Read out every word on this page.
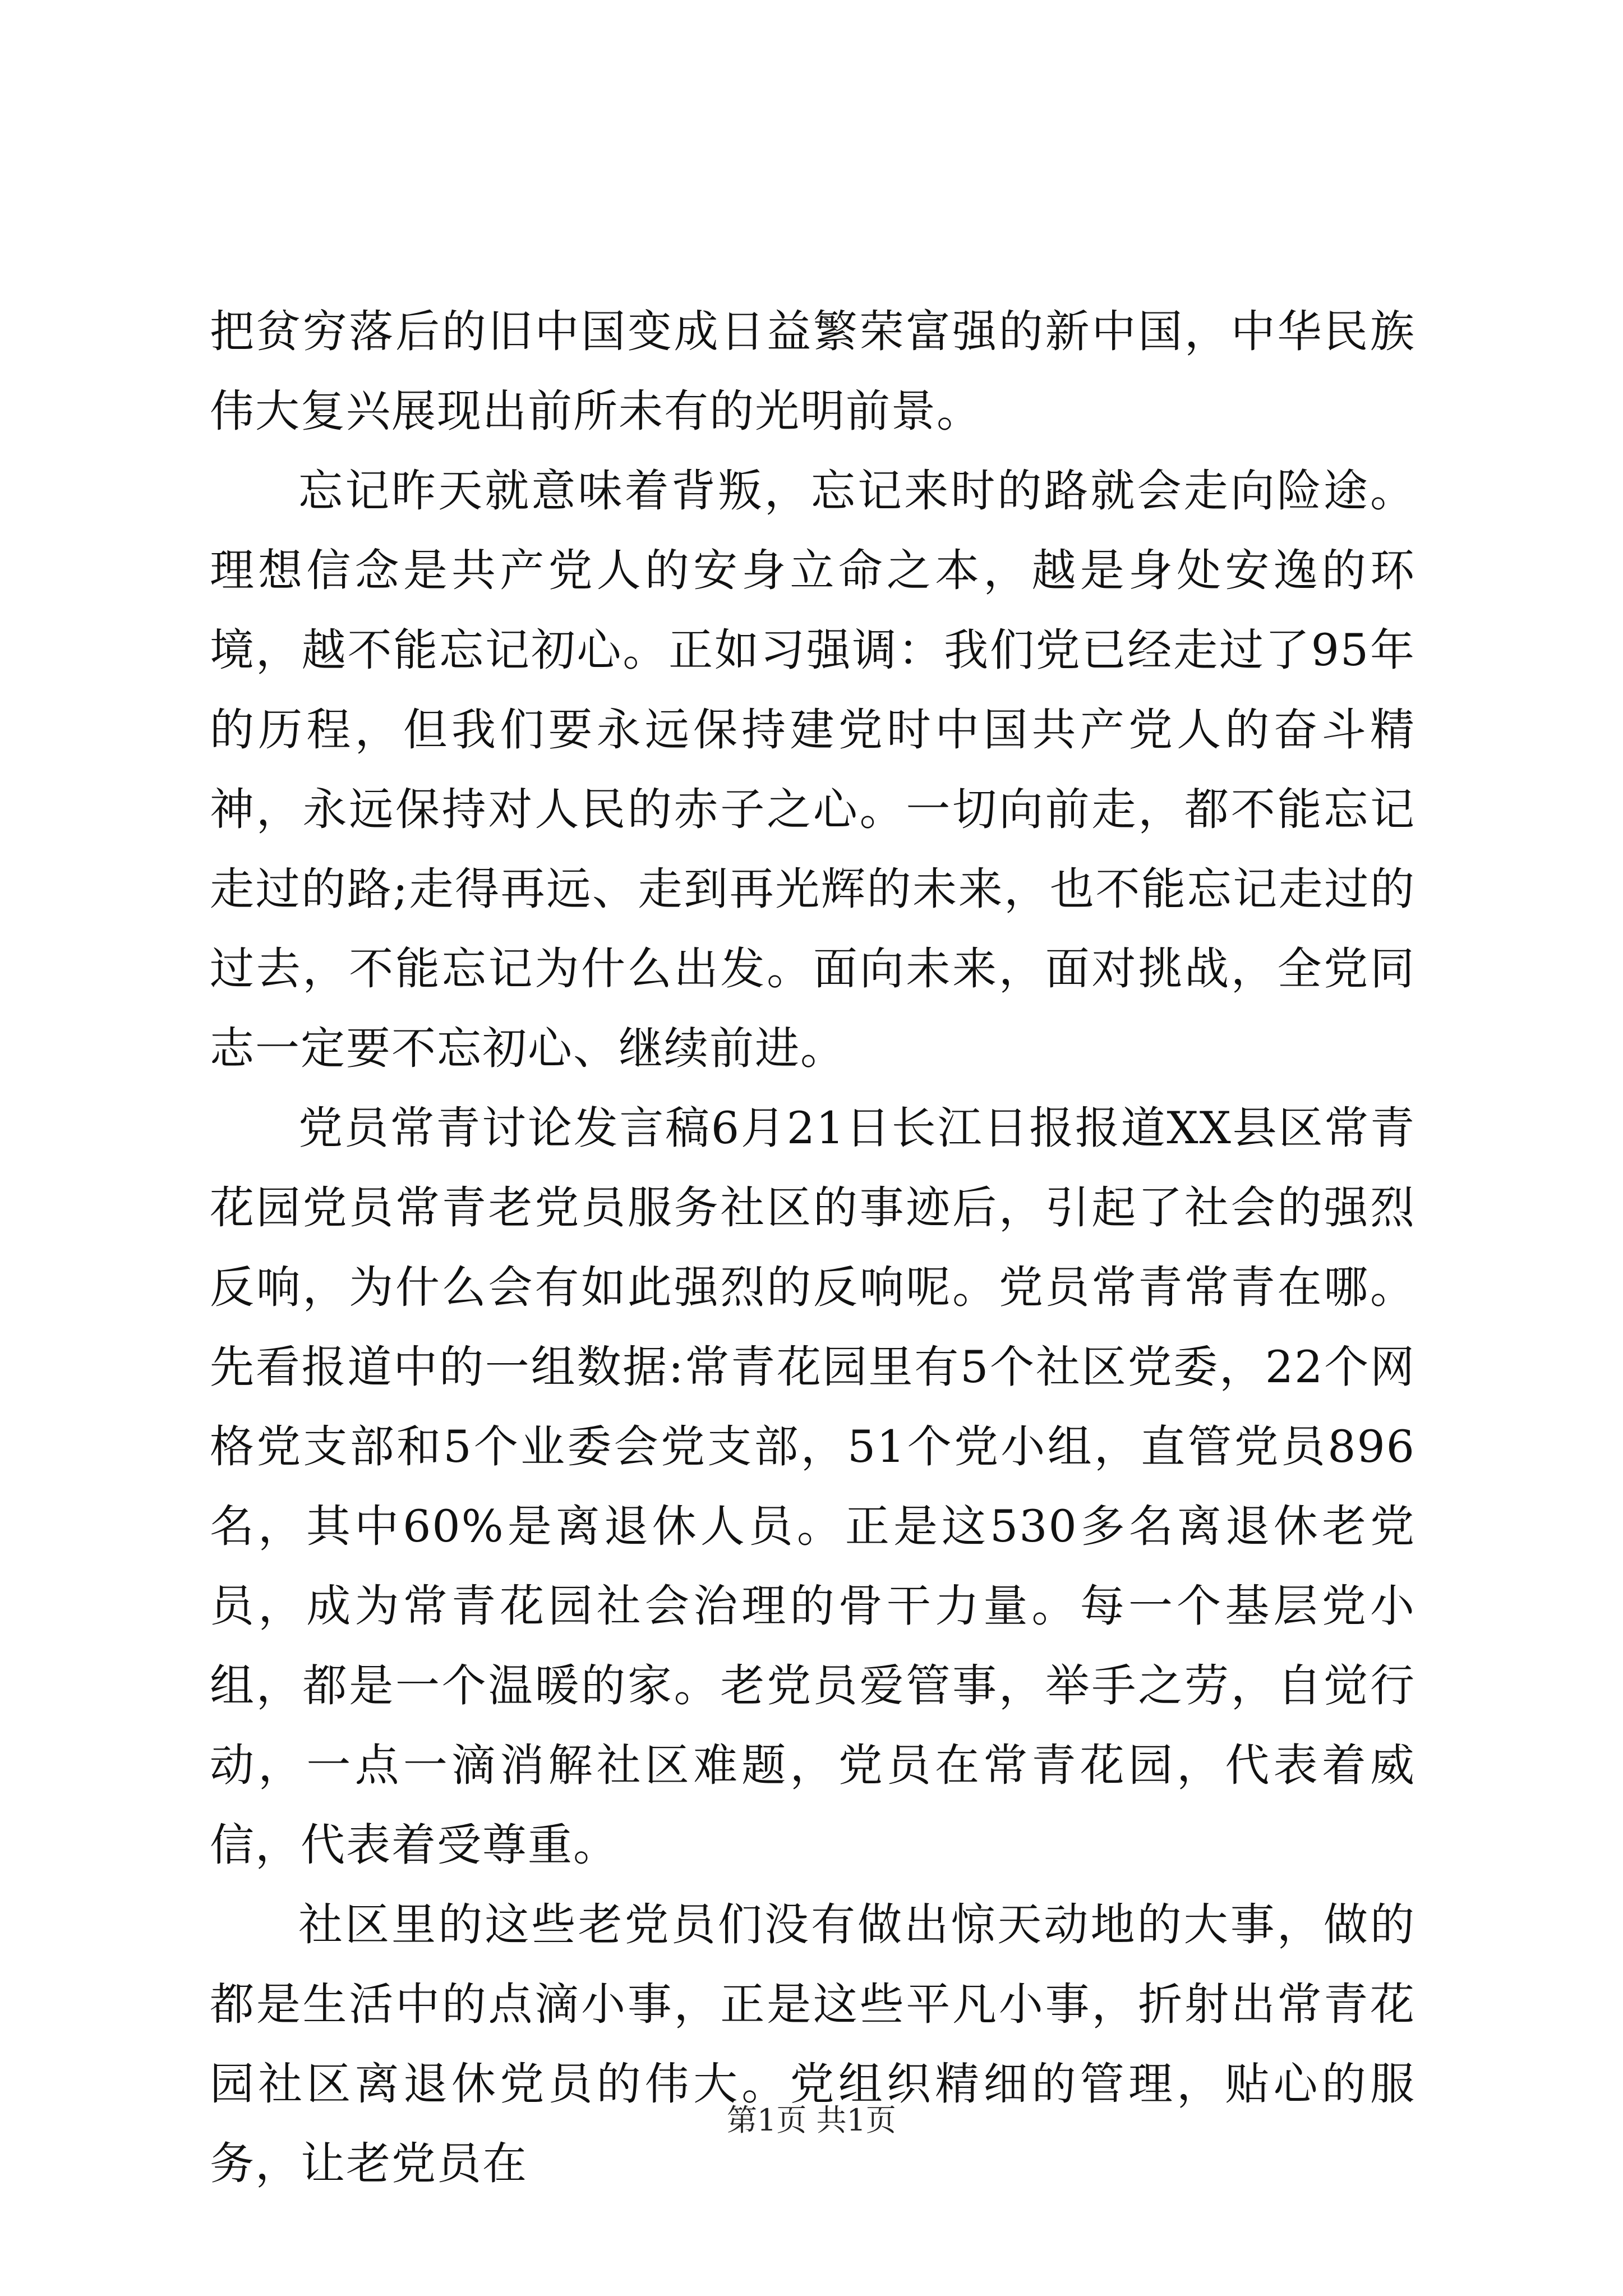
把贫穷落后的旧中国变成日益繁荣富强的新中国，中华民族伟大复兴展现出前所未有的光明前景。

忘记昨天就意味着背叛，忘记来时的路就会走向险途。理想信念是共产党人的安身立命之本，越是身处安逸的环境，越不能忘记初心。正如习强调：我们党已经走过了95年的历程，但我们要永远保持建党时中国共产党人的奋斗精神，永远保持对人民的赤子之心。一切向前走，都不能忘记走过的路;走得再远、走到再光辉的未来，也不能忘记走过的过去，不能忘记为什么出发。面向未来，面对挑战，全党同志一定要不忘初心、继续前进。

党员常青讨论发言稿6月21日长江日报报道XX县区常青花园党员常青老党员服务社区的事迹后，引起了社会的强烈反响，为什么会有如此强烈的反响呢。党员常青常青在哪。先看报道中的一组数据:常青花园里有5个社区党委，22个网格党支部和5个业委会党支部，51个党小组，直管党员896名，其中60%是离退休人员。正是这530多名离退休老党员，成为常青花园社会治理的骨干力量。每一个基层党小组，都是一个温暖的家。老党员爱管事，举手之劳，自觉行动，一点一滴消解社区难题，党员在常青花园，代表着威信，代表着受尊重。

社区里的这些老党员们没有做出惊天动地的大事，做的都是生活中的点滴小事，正是这些平凡小事，折射出常青花园社区离退休党员的伟大。党组织精细的管理，贴心的服务，让老党员在

第1页 共1页
